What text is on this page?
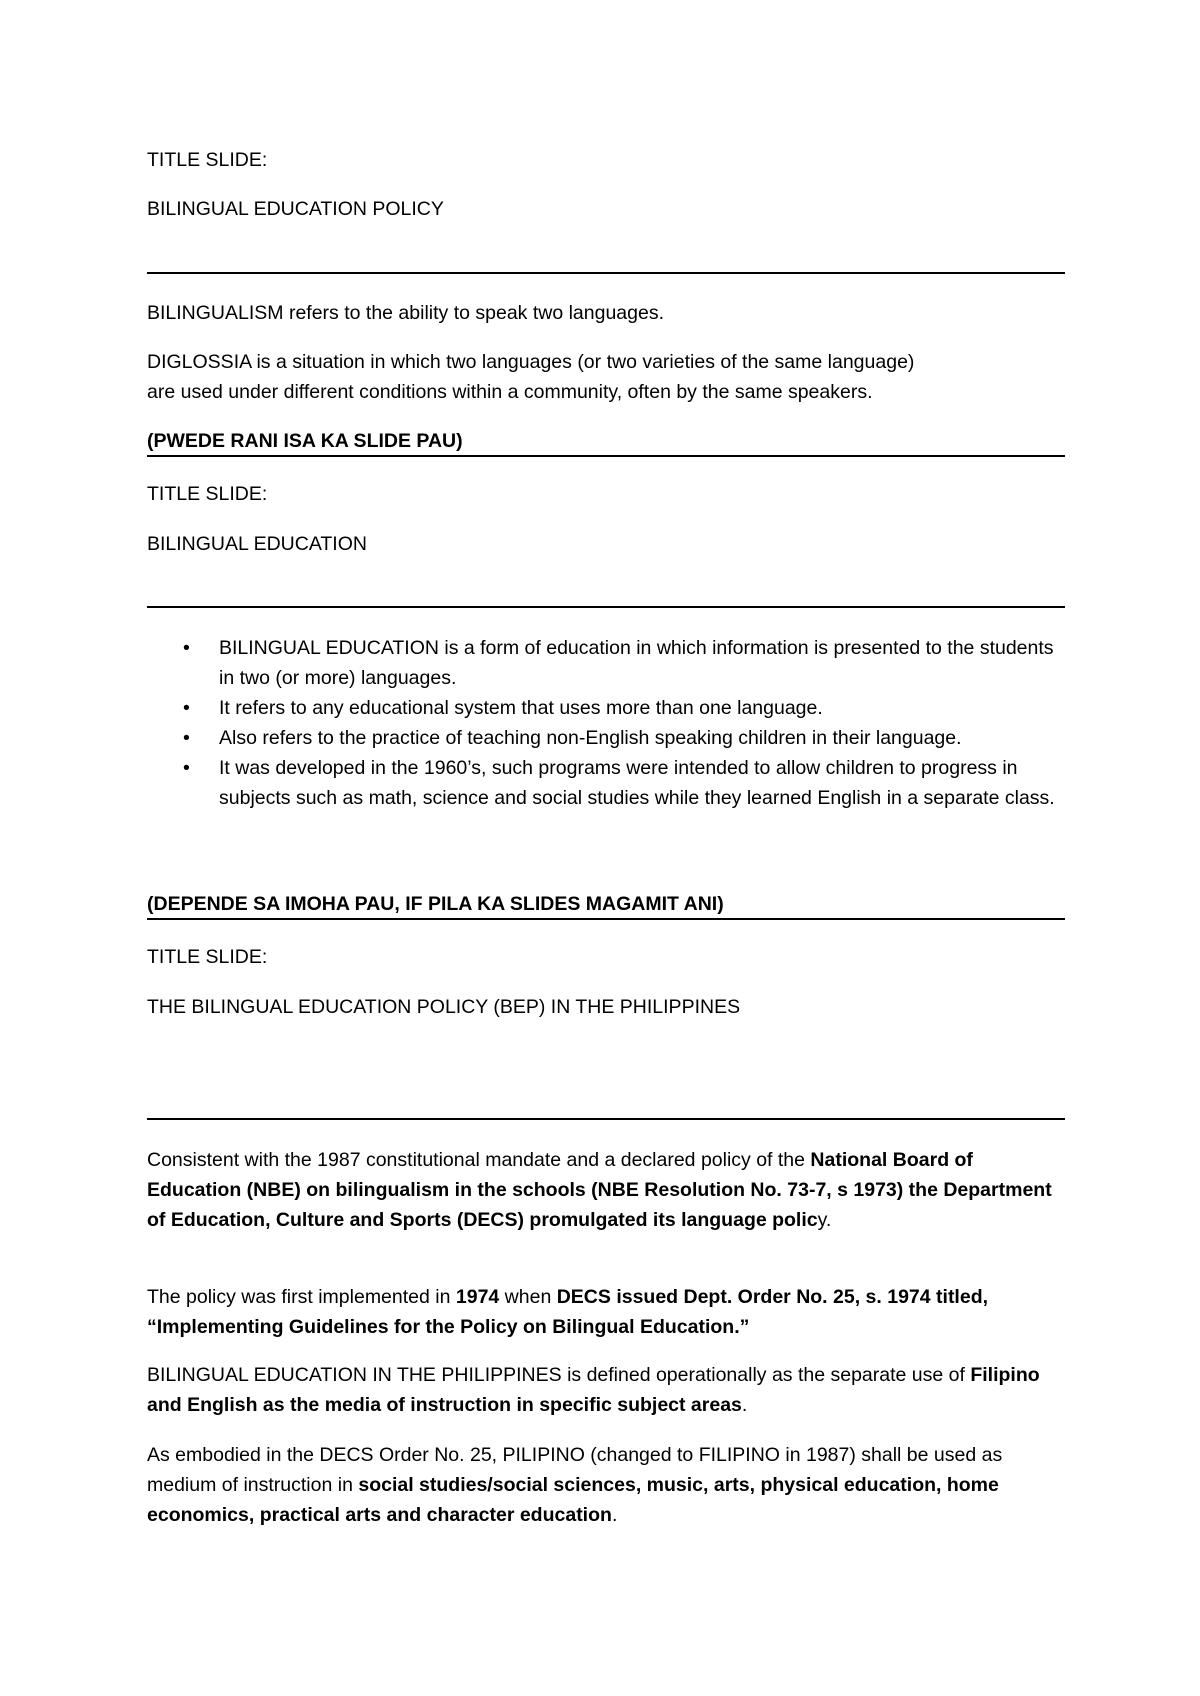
TITLE SLIDE:
BILINGUAL EDUCATION POLICY
BILINGUALISM refers to the ability to speak two languages.
DIGLOSSIA is a situation in which two languages (or two varieties of the same language)
are used under different conditions within a community, often by the same speakers.
(PWEDE RANI ISA KA SLIDE PAU)
TITLE SLIDE:
BILINGUAL EDUCATION
• BILINGUAL EDUCATION is a form of education in which information is presented to the students in two (or more) languages.
• It refers to any educational system that uses more than one language.
• Also refers to the practice of teaching non-English speaking children in their language.
• It was developed in the 1960’s, such programs were intended to allow children to progress in subjects such as math, science and social studies while they learned English in a separate class.
(DEPENDE SA IMOHA PAU, IF PILA KA SLIDES MAGAMIT ANI)
TITLE SLIDE:
THE BILINGUAL EDUCATION POLICY (BEP) IN THE PHILIPPINES
Consistent with the 1987 constitutional mandate and a declared policy of the National Board of Education (NBE) on bilingualism in the schools (NBE Resolution No. 73-7, s 1973) the Department of Education, Culture and Sports (DECS) promulgated its language policy.
The policy was first implemented in 1974 when DECS issued Dept. Order No. 25, s. 1974 titled, “Implementing Guidelines for the Policy on Bilingual Education.”
BILINGUAL EDUCATION IN THE PHILIPPINES is defined operationally as the separate use of Filipino and English as the media of instruction in specific subject areas.
As embodied in the DECS Order No. 25, PILIPINO (changed to FILIPINO in 1987) shall be used as medium of instruction in social studies/social sciences, music, arts, physical education, home economics, practical arts and character education.
